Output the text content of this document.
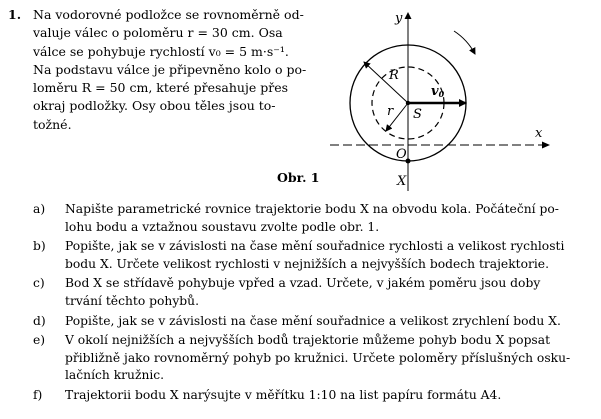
1. Na vodorovné podložce se rovnoměrně od-
valuje válec o poloměru r = 30 cm. Osa
válce se pohybuje rychlostí v₀ = 5 m·s⁻¹.
Na podstavu válce je připevněno kolo o po-
loměru R = 50 cm, které přesahuje přes
okraj podložky. Osy obou těles jsou to-
tožné.
Obr. 1
y
x
R
r S
O
X
$v_0$
a) Napište parametrické rovnice trajektorie bodu X na obvodu kola. Počáteční po-
lohu bodu a vztažnou soustavu zvolte podle obr. 1.
b) Popište, jak se v závislosti na čase mění souřadnice rychlosti a velikost rychlosti
bodu X. Určete velikost rychlosti v nejnižších a nejvyšších bodech trajektorie.
c) Bod X se střídavě pohybuje vpřed a vzad. Určete, v jakém poměru jsou doby
trvání těchto pohybů.
d) Popište, jak se v závislosti na čase mění souřadnice a velikost zrychlení bodu X.
e) V okolí nejnižších a nejvyšších bodů trajektorie můžeme pohyb bodu X popsat
přibližně jako rovnoměrný pohyb po kružnici. Určete poloměry příslušných osku-
lačních kružnic.
f) Trajektorii bodu X narýsujte v měřítku 1:10 na list papíru formátu A4.
